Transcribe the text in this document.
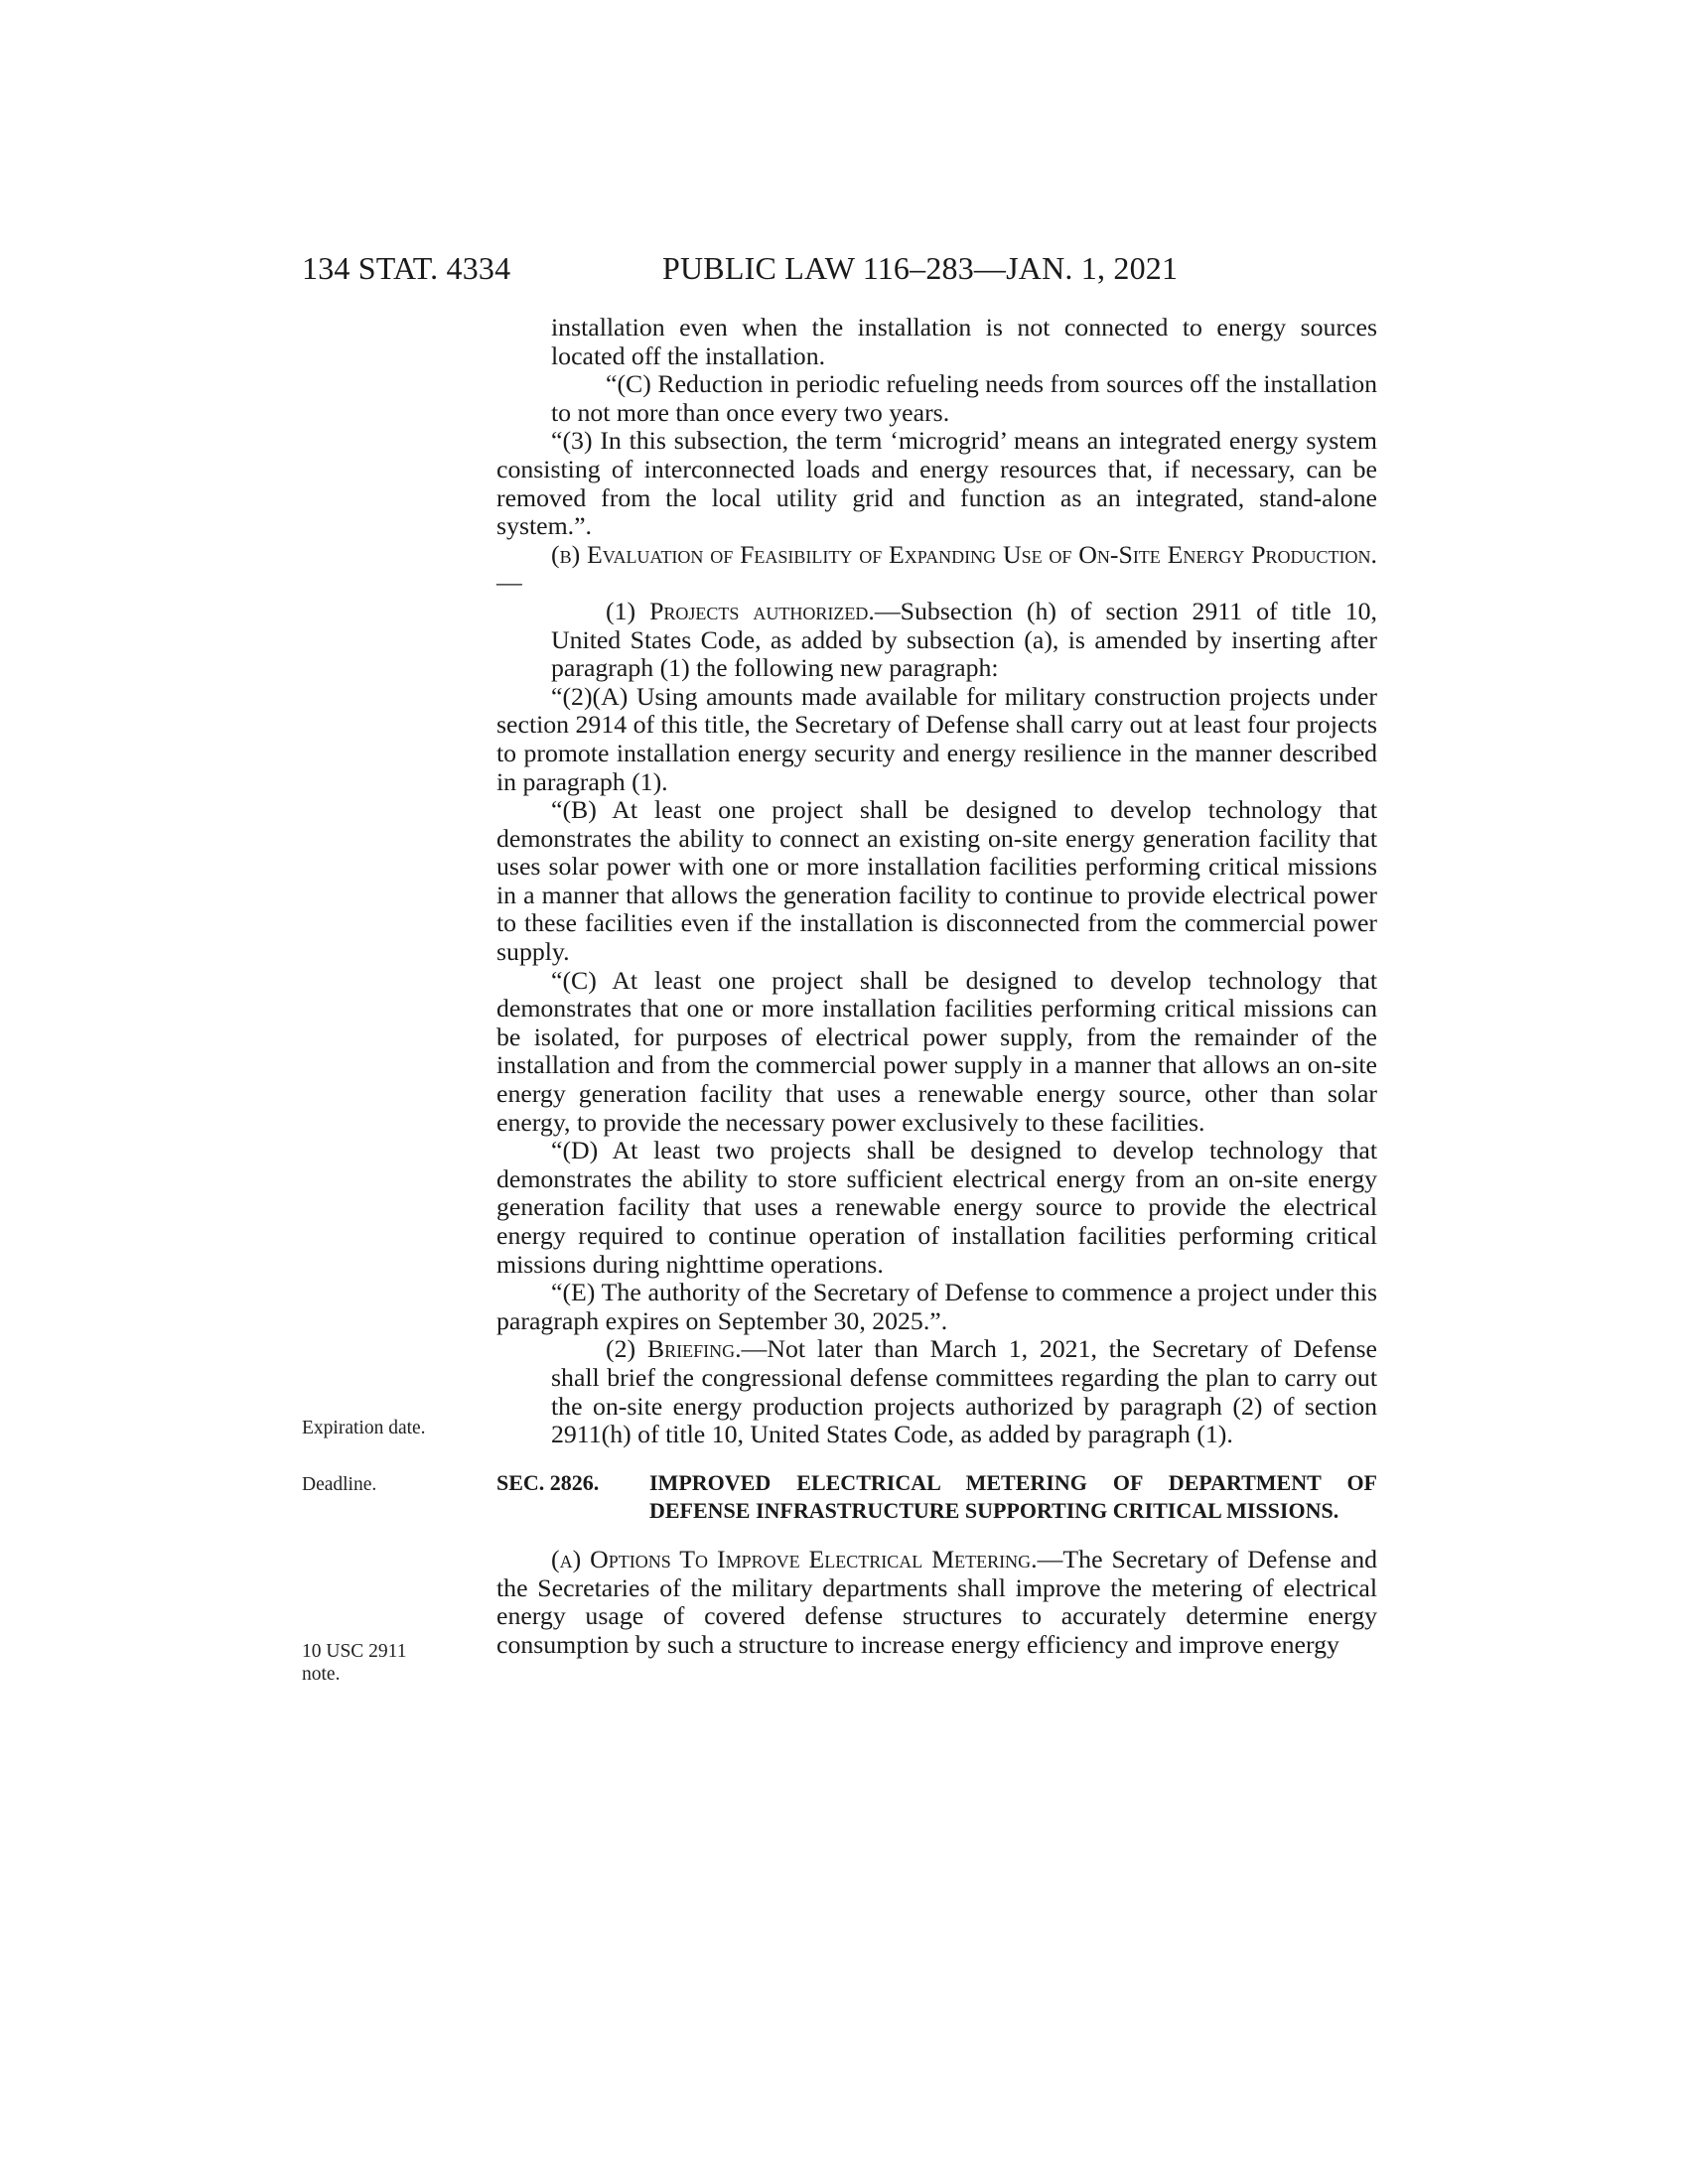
134 STAT. 4334	PUBLIC LAW 116–283—JAN. 1, 2021
Expiration date.
Deadline.
10 USC 2911
note.

installation even when the installation is not connected to energy sources located off the installation.

“(C) Reduction in periodic refueling needs from sources off the installation to not more than once every two years.

“(3) In this subsection, the term ‘microgrid’ means an integrated energy system consisting of interconnected loads and energy resources that, if necessary, can be removed from the local utility grid and function as an integrated, stand-alone system.”.

(b) Evaluation of Feasibility of Expanding Use of On-Site Energy Production.—

(1) Projects authorized.—Subsection (h) of section 2911 of title 10, United States Code, as added by subsection (a), is amended by inserting after paragraph (1) the following new paragraph:

“(2)(A) Using amounts made available for military construction projects under section 2914 of this title, the Secretary of Defense shall carry out at least four projects to promote installation energy security and energy resilience in the manner described in paragraph (1).

“(B) At least one project shall be designed to develop technology that demonstrates the ability to connect an existing on-site energy generation facility that uses solar power with one or more installation facilities performing critical missions in a manner that allows the generation facility to continue to provide electrical power to these facilities even if the installation is disconnected from the commercial power supply.

“(C) At least one project shall be designed to develop technology that demonstrates that one or more installation facilities performing critical missions can be isolated, for purposes of electrical power supply, from the remainder of the installation and from the commercial power supply in a manner that allows an on-site energy generation facility that uses a renewable energy source, other than solar energy, to provide the necessary power exclusively to these facilities.

“(D) At least two projects shall be designed to develop technology that demonstrates the ability to store sufficient electrical energy from an on-site energy generation facility that uses a renewable energy source to provide the electrical energy required to continue operation of installation facilities performing critical missions during nighttime operations.

“(E) The authority of the Secretary of Defense to commence a project under this paragraph expires on September 30, 2025.”.

(2) Briefing.—Not later than March 1, 2021, the Secretary of Defense shall brief the congressional defense committees regarding the plan to carry out the on-site energy production projects authorized by paragraph (2) of section 2911(h) of title 10, United States Code, as added by paragraph (1).

SEC. 2826. IMPROVED ELECTRICAL METERING OF DEPARTMENT OF DEFENSE INFRASTRUCTURE SUPPORTING CRITICAL MISSIONS.

(a) Options To Improve Electrical Metering.—The Secretary of Defense and the Secretaries of the military departments shall improve the metering of electrical energy usage of covered defense structures to accurately determine energy consumption by such a structure to increase energy efficiency and improve energy
